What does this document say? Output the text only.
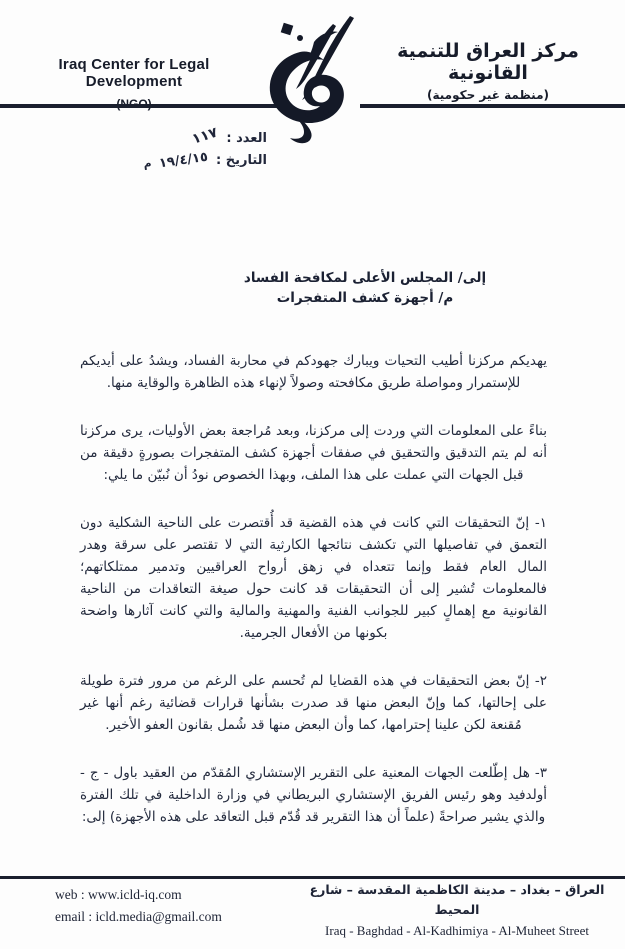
Iraq Center for Legal Development
مركز العراق للتنمية القانونية
(منظمة غير حكومية)
العدد :
١١٧
التاريخ :
١٩/٤/١٥
م
إلى/ المجلس الأعلى لمكافحة الفساد
م/ أجهزة كشف المتفجرات

يهديكم مركزنا أطيب التحيات ويبارك جهودكم في محاربة الفساد، ويشدُ على أيديكم للإستمرار ومواصلة طريق مكافحته وصولاً لإنهاء هذه الظاهرة والوقاية منها.

بناءً على المعلومات التي وردت إلى مركزنا، وبعد مُراجعة بعض الأوليات، يرى مركزنا أنه لم يتم التدقيق والتحقيق في صفقات أجهزة كشف المتفجرات بصورةٍ دقيقة من قبل الجهات التي عملت على هذا الملف، وبهذا الخصوص نودُ أن نُبيّن ما يلي:

١- إنّ التحقيقات التي كانت في هذه القضية قد أُقتصرت على الناحية الشكلية دون التعمق في تفاصيلها التي تكشف نتائجها الكارثية التي لا تقتصر على سرقة وهدر المال العام فقط وإنما تتعداه في زهق أرواح العراقيين وتدمير ممتلكاتهم؛ فالمعلومات تُشير إلى أن التحقيقات قد كانت حول صيغة التعاقدات من الناحية القانونية مع إهمالٍ كبير للجوانب الفنية والمهنية والمالية والتي كانت آثارها واضحة بكونها من الأفعال الجرمية.

٢- إنّ بعض التحقيقات في هذه القضايا لم تُحسم على الرغم من مرور فترة طويلة على إحالتها، كما وإنّ البعض منها قد صدرت بشأنها قرارات قضائية رغم أنها غير مُقنعة لكن علينا إحترامها، كما وأن البعض منها قد شُمل بقانون العفو الأخير.

٣- هل إطّلعت الجهات المعنية على التقرير الإستشاري المُقدّم من العقيد باول - ج - أولدفيد وهو رئيس الفريق الإستشاري البريطاني في وزارة الداخلية في تلك الفترة والذي يشير صراحةً (علماً أن هذا التقرير قد قُدّم قبل التعاقد على هذه الأجهزة) إلى:

web : www.icld-iq.com
email : icld.media@gmail.com
العراق – بغداد – مدينة الكاظمية المقدسة – شارع المحيط
Iraq - Baghdad - Al-Kadhimiya - Al-Muheet Street
